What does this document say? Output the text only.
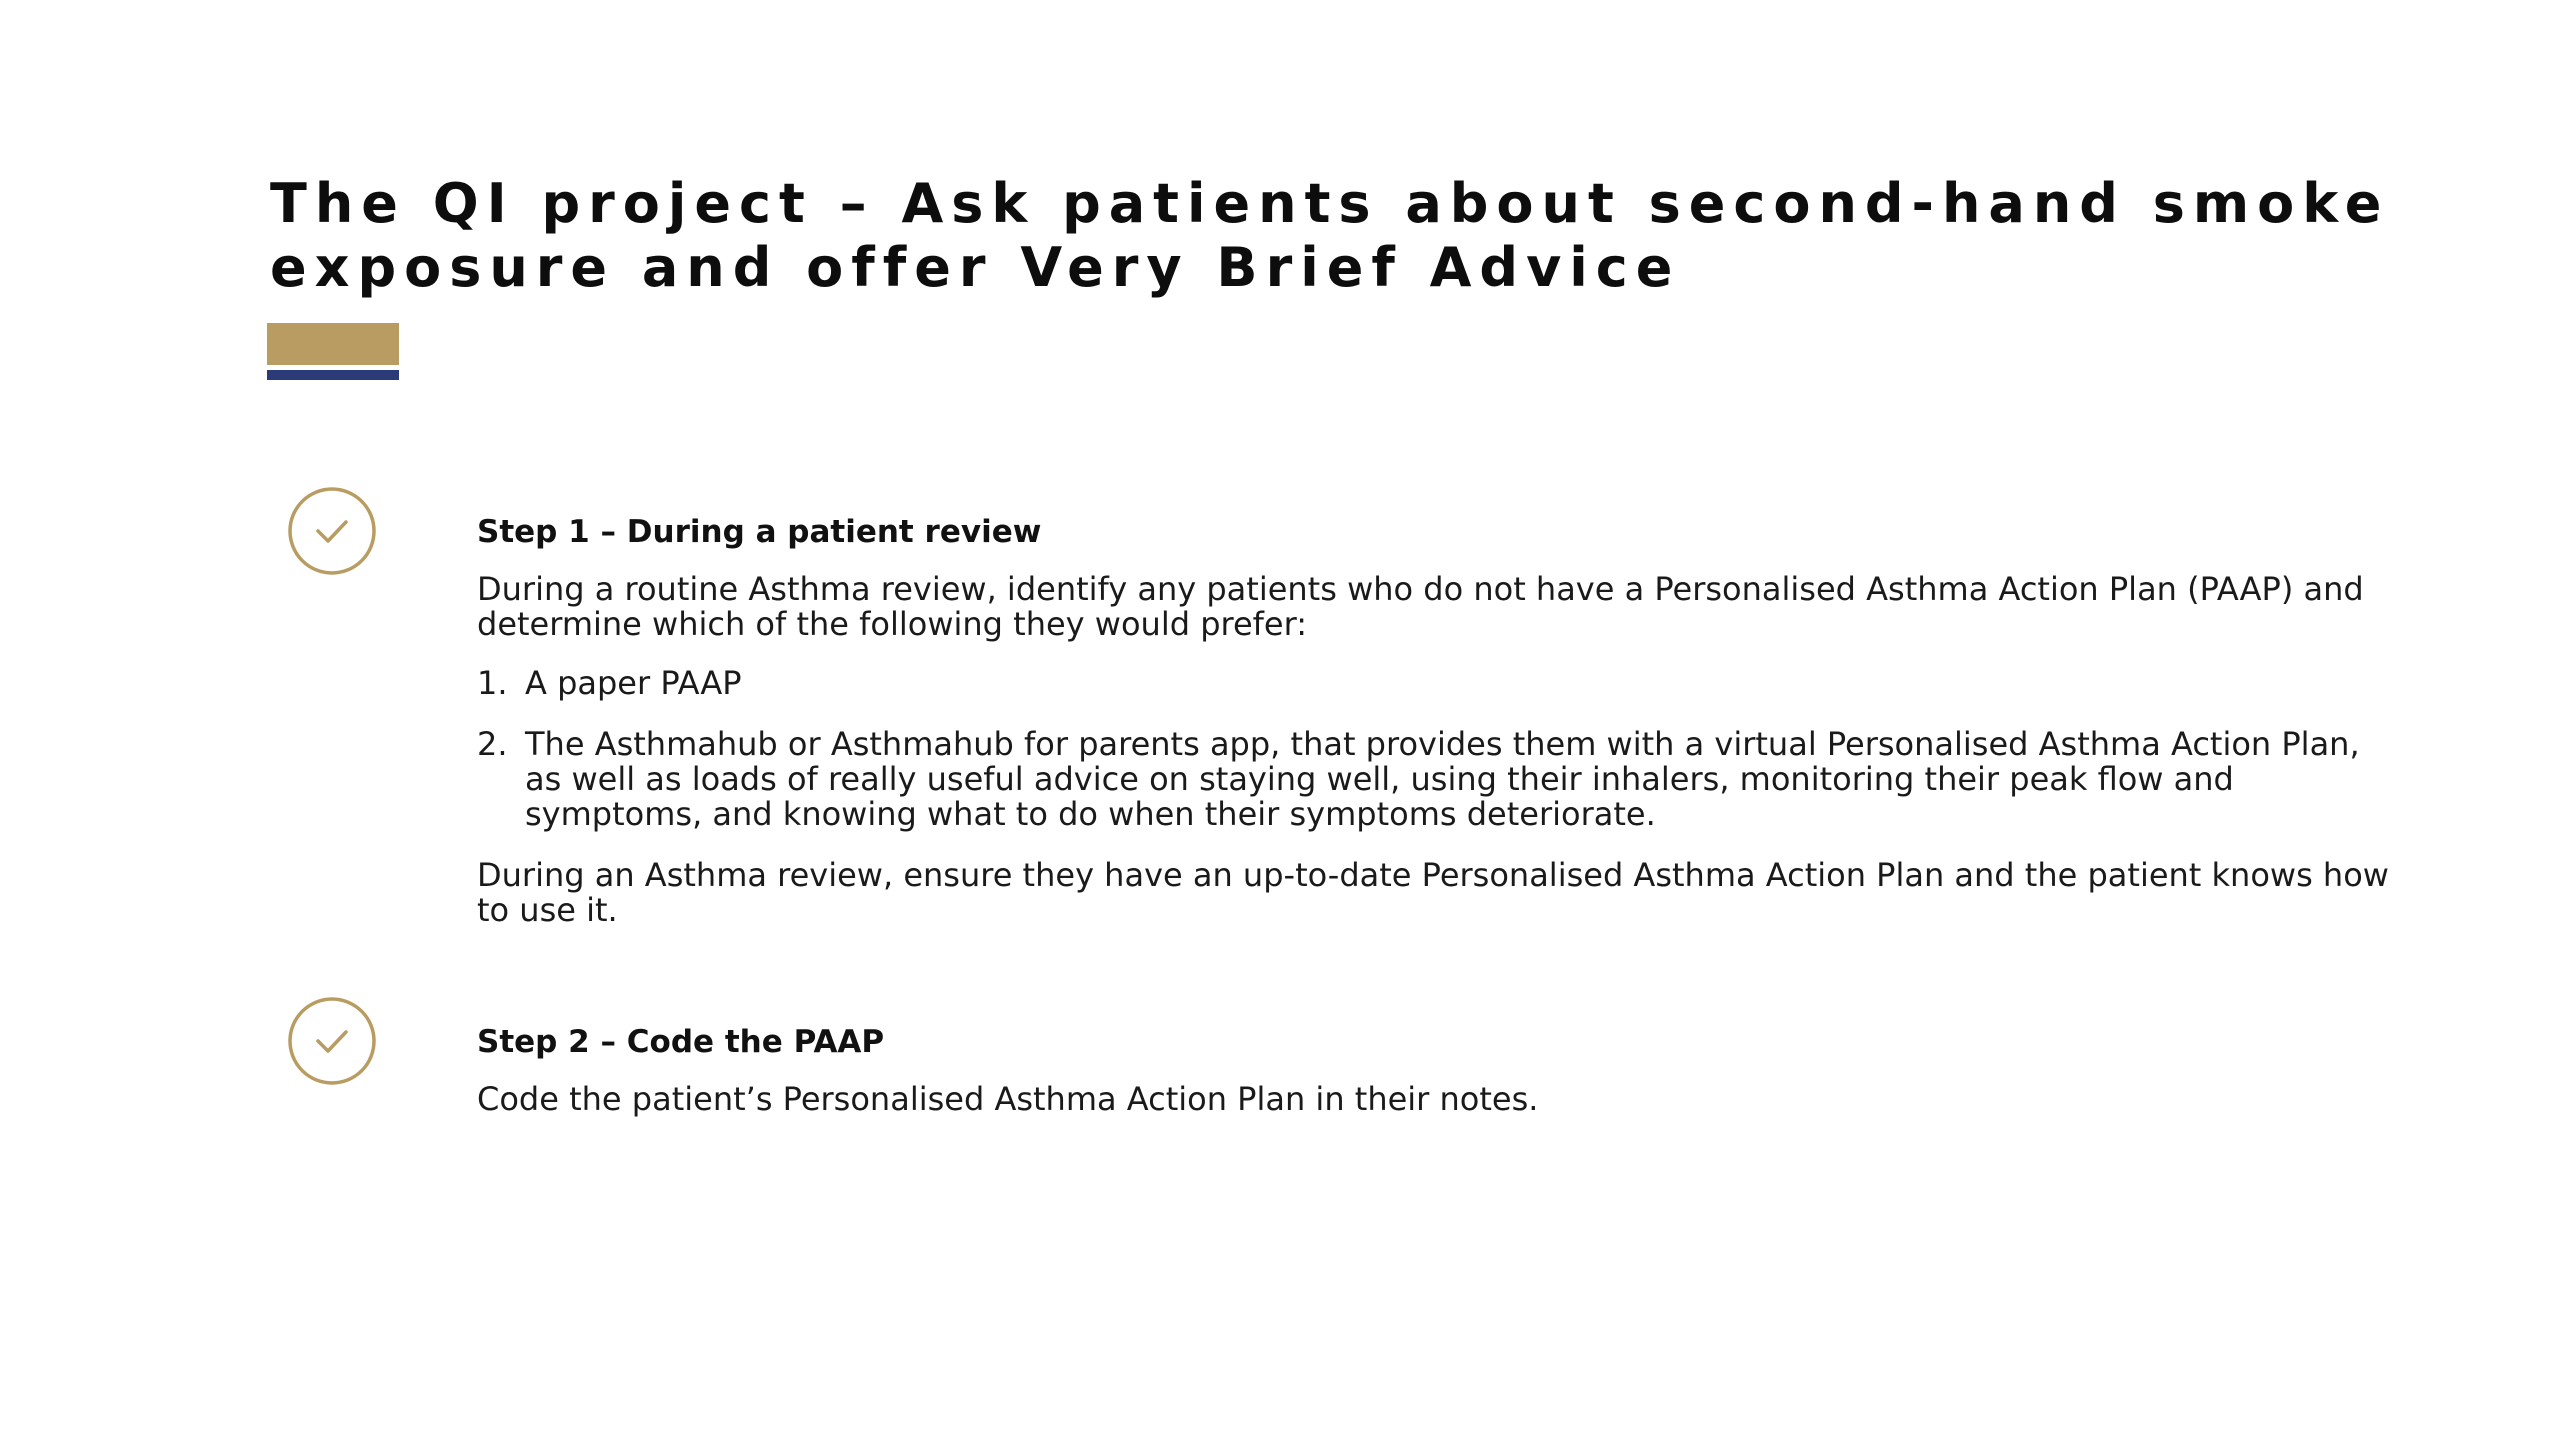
The QI project – Ask patients about second-hand smoke
exposure and offer Very Brief Advice
Step 1 – During a patient review

During a routine Asthma review, identify any patients who do not have a Personalised Asthma Action Plan (PAAP) and determine which of the following they would prefer:

1. A paper PAAP
2. The Asthmahub or Asthmahub for parents app, that provides them with a virtual Personalised Asthma Action Plan, as well as loads of really useful advice on staying well, using their inhalers, monitoring their peak flow and symptoms, and knowing what to do when their symptoms deteriorate.

During an Asthma review, ensure they have an up-to-date Personalised Asthma Action Plan and the patient knows how to use it.

Step 2 – Code the PAAP

Code the patient’s Personalised Asthma Action Plan in their notes.
